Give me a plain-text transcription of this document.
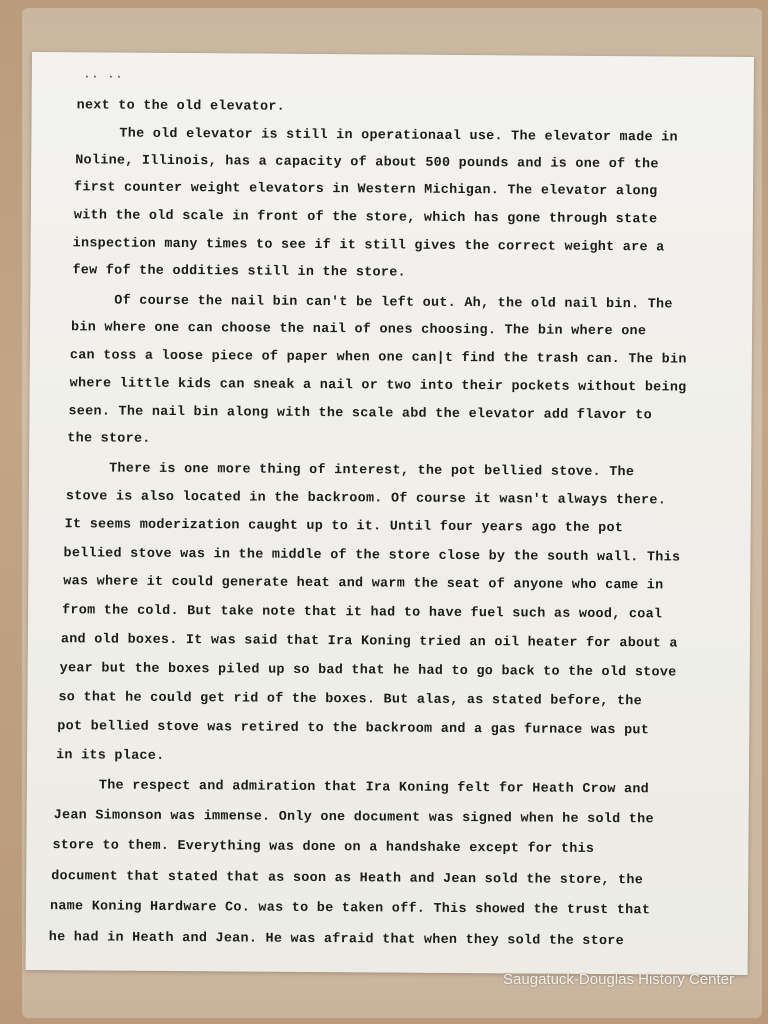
.. ..
next to the old elevator.
The old elevator is still in operationaal use. The elevator made in
Noline, Illinois, has a capacity of about 500 pounds and is one of the
first counter weight elevators in Western Michigan. The elevator along
with the old scale in front of the store, which has gone through state
inspection many times to see if it still gives the correct weight are a
few fof the oddities still in the store.
Of course the nail bin can't be left out. Ah, the old nail bin. The
bin where one can choose the nail of ones choosing. The bin where one
can toss a loose piece of paper when one can|t find the trash can. The bin
where little kids can sneak a nail or two into their pockets without being
seen. The nail bin along with the scale abd the elevator add flavor to
the store.
There is one more thing of interest, the pot bellied stove. The
stove is also located in the backroom. Of course it wasn't always there.
It seems moderization caught up to it. Until four years ago the pot
bellied stove was in the middle of the store close by the south wall. This
was where it could generate heat and warm the seat of anyone who came in
from the cold. But take note that it had to have fuel such as wood, coal
and old boxes. It was said that Ira Koning tried an oil heater for about a
year but the boxes piled up so bad that he had to go back to the old stove
so that he could get rid of the boxes. But alas, as stated before, the
pot bellied stove was retired to the backroom and a gas furnace was put
in its place.
The respect and admiration that Ira Koning felt for Heath Crow and
Jean Simonson was immense. Only one document was signed when he sold the
store to them. Everything was done on a handshake except for this
document that stated that as soon as Heath and Jean sold the store, the
name Koning Hardware Co. was to be taken off. This showed the trust that
he had in Heath and Jean. He was afraid that when they sold the store
Saugatuck-Douglas History Center
